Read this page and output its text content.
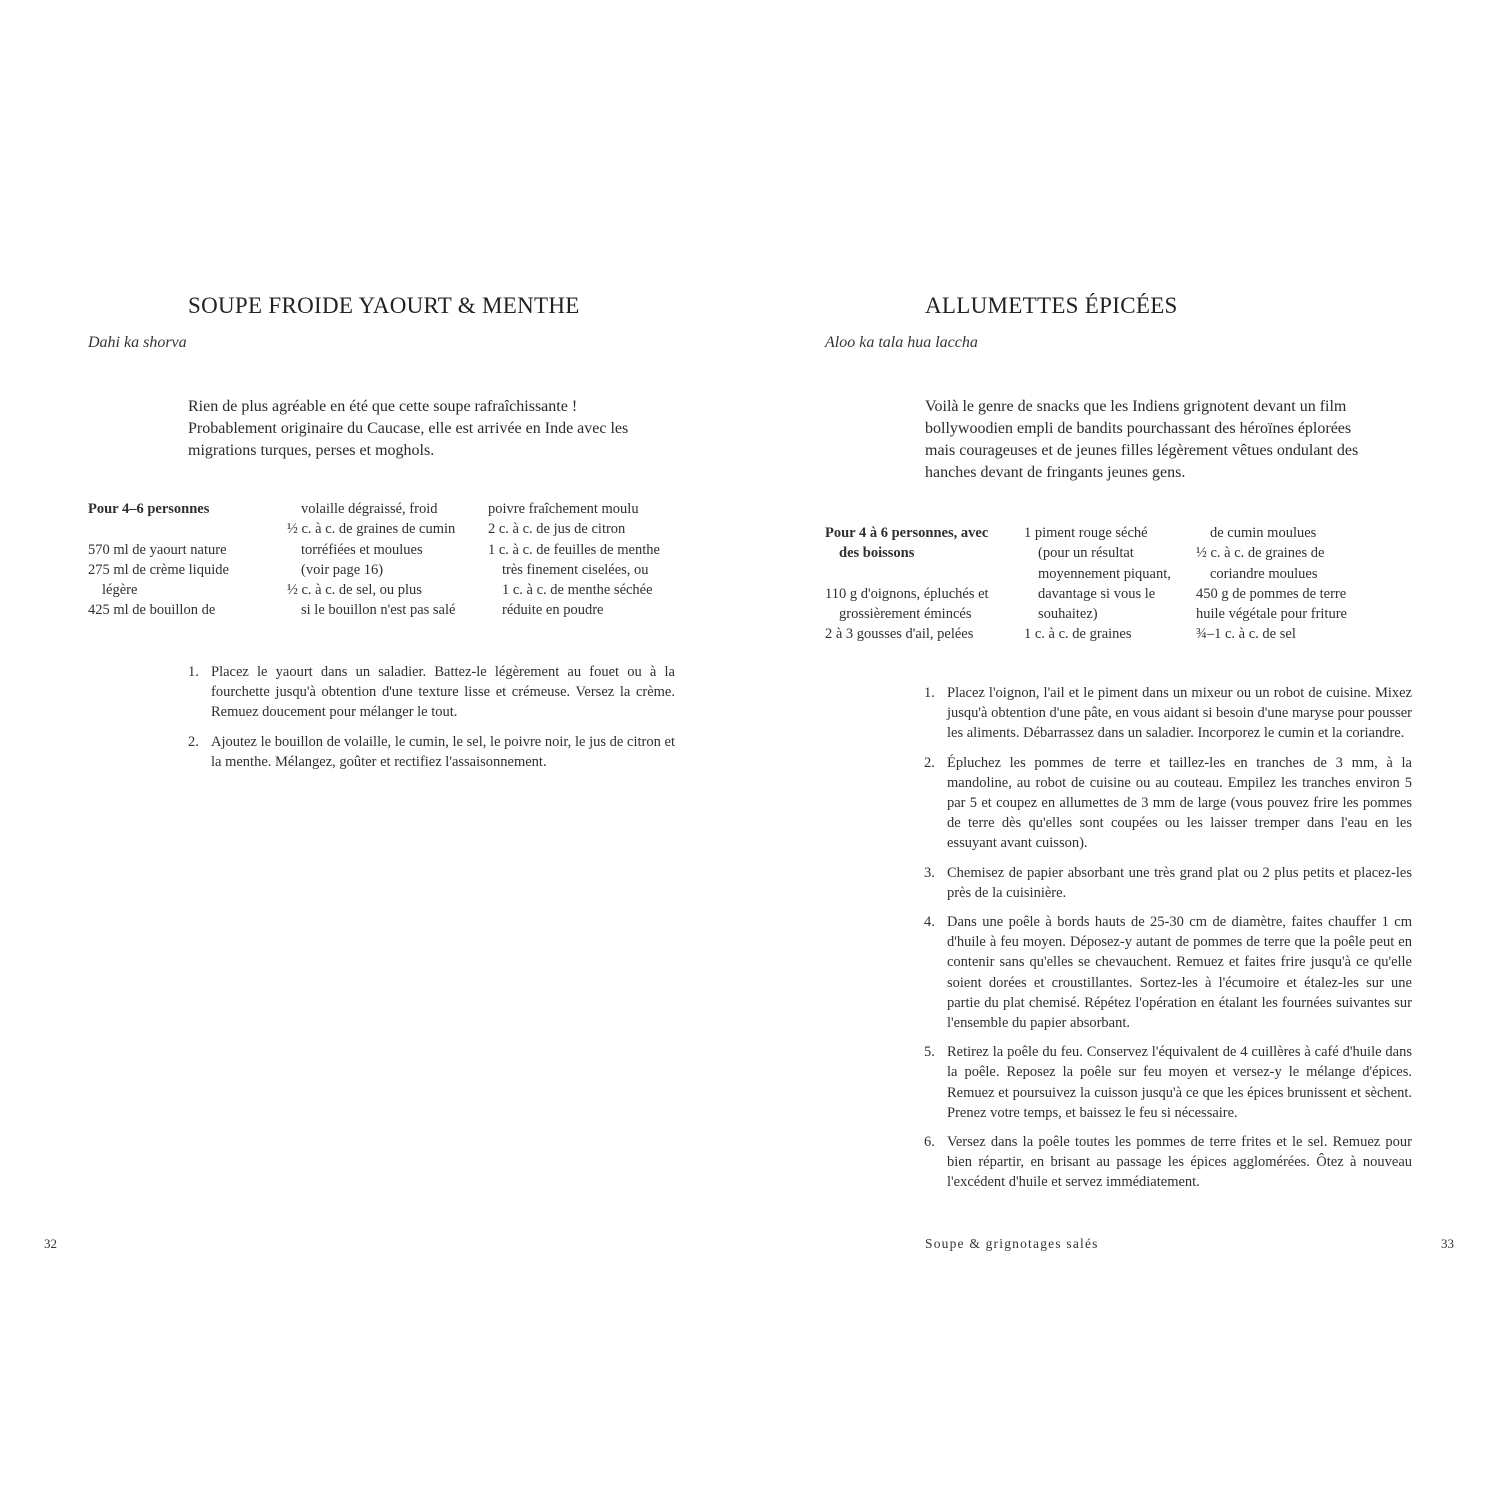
SOUPE FROIDE YAOURT & MENTHE
Dahi ka shorva
Rien de plus agréable en été que cette soupe rafraîchissante !
Probablement originaire du Caucase, elle est arrivée en Inde avec les
migrations turques, perses et moghols.
Pour 4–6 personnes
570 ml de yaourt nature
275 ml de crème liquide
légère
425 ml de bouillon de
volaille dégraissé, froid
½ c. à c. de graines de cumin
torréfiées et moulues
(voir page 16)
½ c. à c. de sel, ou plus
si le bouillon n'est pas salé
poivre fraîchement moulu
2 c. à c. de jus de citron
1 c. à c. de feuilles de menthe
très finement ciselées, ou
1 c. à c. de menthe séchée
réduite en poudre
1. Placez le yaourt dans un saladier. Battez-le légèrement au fouet ou à la fourchette jusqu'à obtention d'une texture lisse et crémeuse. Versez la crème. Remuez doucement pour mélanger le tout.
2. Ajoutez le bouillon de volaille, le cumin, le sel, le poivre noir, le jus de citron et la menthe. Mélangez, goûter et rectifiez l'assaisonnement.
32
ALLUMETTES ÉPICÉES
Aloo ka tala hua laccha
Voilà le genre de snacks que les Indiens grignotent devant un film
bollywoodien empli de bandits pourchassant des héroïnes éplorées
mais courageuses et de jeunes filles légèrement vêtues ondulant des
hanches devant de fringants jeunes gens.
Pour 4 à 6 personnes, avec
des boissons
110 g d'oignons, épluchés et
grossièrement émincés
2 à 3 gousses d'ail, pelées
1 piment rouge séché
(pour un résultat
moyennement piquant,
davantage si vous le
souhaitez)
1 c. à c. de graines
de cumin moulues
½ c. à c. de graines de
coriandre moulues
450 g de pommes de terre
huile végétale pour friture
¾–1 c. à c. de sel
1. Placez l'oignon, l'ail et le piment dans un mixeur ou un robot de cuisine. Mixez jusqu'à obtention d'une pâte, en vous aidant si besoin d'une maryse pour pousser les aliments. Débarrassez dans un saladier. Incorporez le cumin et la coriandre.
2. Épluchez les pommes de terre et taillez-les en tranches de 3 mm, à la mandoline, au robot de cuisine ou au couteau. Empilez les tranches environ 5 par 5 et coupez en allumettes de 3 mm de large (vous pouvez frire les pommes de terre dès qu'elles sont coupées ou les laisser tremper dans l'eau en les essuyant avant cuisson).
3. Chemisez de papier absorbant une très grand plat ou 2 plus petits et placez-les près de la cuisinière.
4. Dans une poêle à bords hauts de 25-30 cm de diamètre, faites chauffer 1 cm d'huile à feu moyen. Déposez-y autant de pommes de terre que la poêle peut en contenir sans qu'elles se chevauchent. Remuez et faites frire jusqu'à ce qu'elle soient dorées et croustillantes. Sortez-les à l'écumoire et étalez-les sur une partie du plat chemisé. Répétez l'opération en étalant les fournées suivantes sur l'ensemble du papier absorbant.
5. Retirez la poêle du feu. Conservez l'équivalent de 4 cuillères à café d'huile dans la poêle. Reposez la poêle sur feu moyen et versez-y le mélange d'épices. Remuez et poursuivez la cuisson jusqu'à ce que les épices brunissent et sèchent. Prenez votre temps, et baissez le feu si nécessaire.
6. Versez dans la poêle toutes les pommes de terre frites et le sel. Remuez pour bien répartir, en brisant au passage les épices agglomérées. Ôtez à nouveau l'excédent d'huile et servez immédiatement.
Soupe & grignotages salés	33
